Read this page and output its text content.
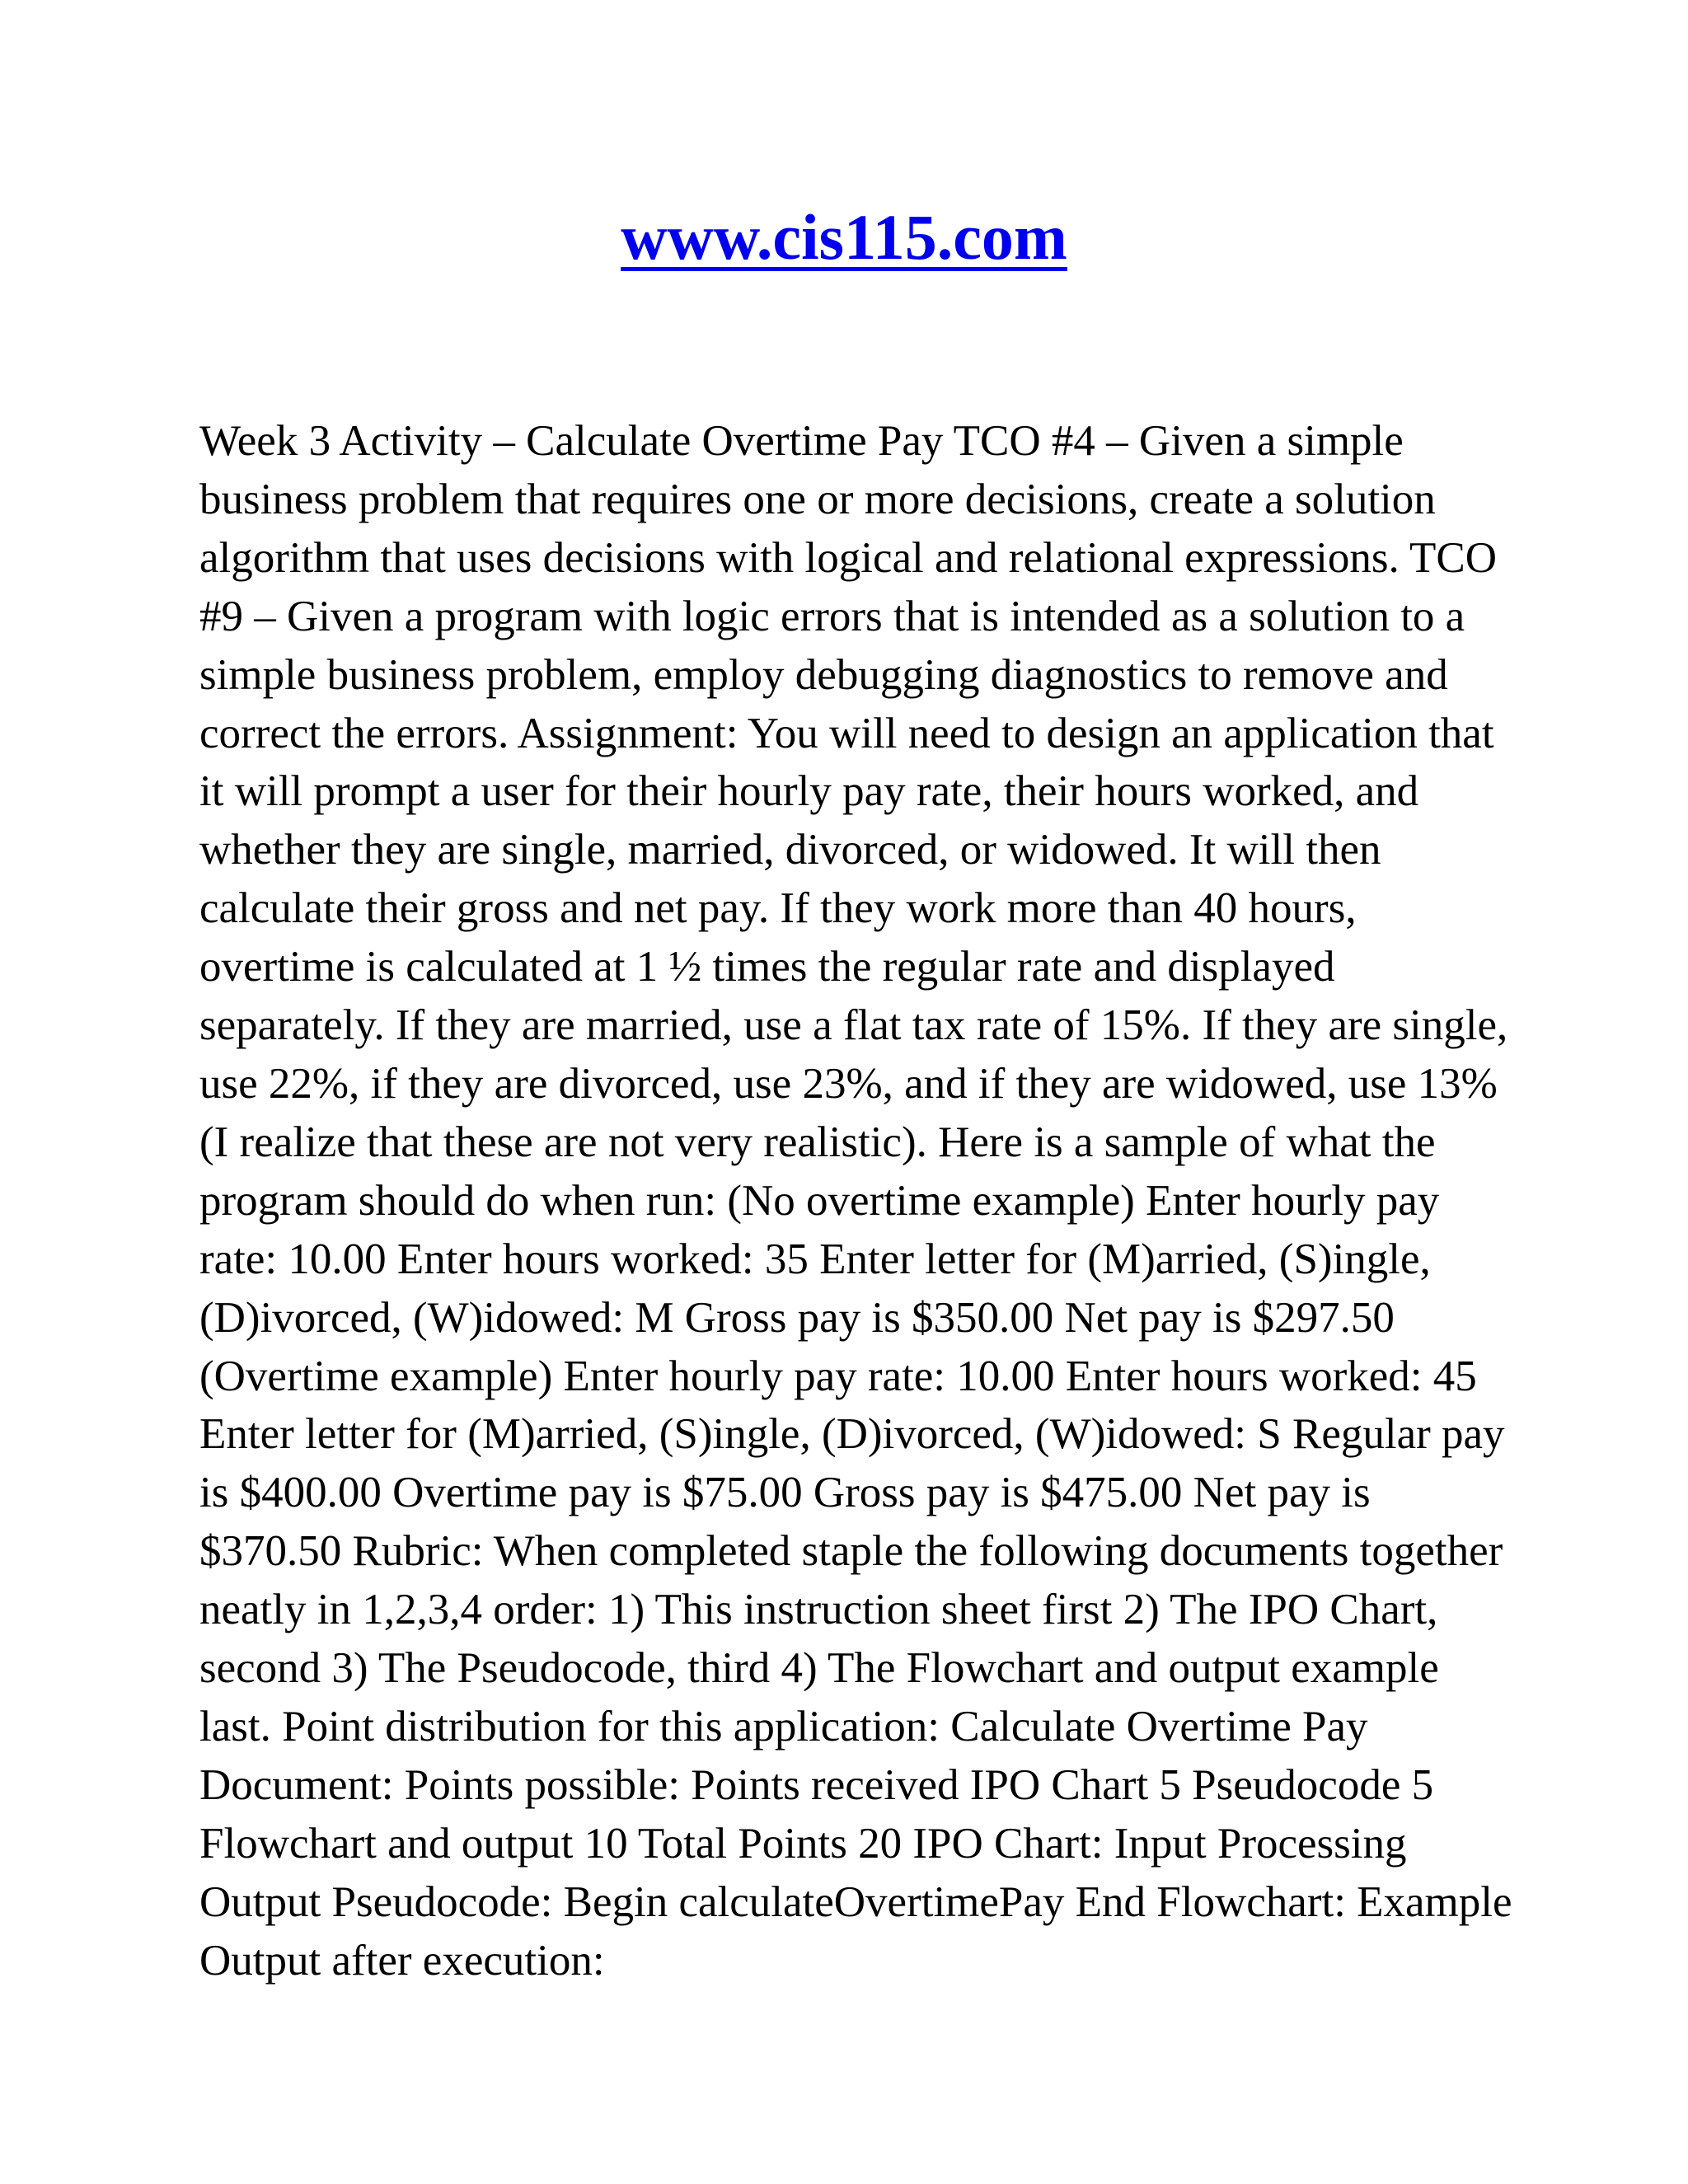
www.cis115.com

Week 3 Activity – Calculate Overtime Pay TCO #4 – Given a simple business problem that requires one or more decisions, create a solution algorithm that uses decisions with logical and relational expressions. TCO #9 – Given a program with logic errors that is intended as a solution to a simple business problem, employ debugging diagnostics to remove and correct the errors. Assignment: You will need to design an application that it will prompt a user for their hourly pay rate, their hours worked, and whether they are single, married, divorced, or widowed. It will then calculate their gross and net pay. If they work more than 40 hours, overtime is calculated at 1 ½ times the regular rate and displayed separately. If they are married, use a flat tax rate of 15%. If they are single, use 22%, if they are divorced, use 23%, and if they are widowed, use 13% (I realize that these are not very realistic). Here is a sample of what the program should do when run: (No overtime example) Enter hourly pay rate: 10.00 Enter hours worked: 35 Enter letter for (M)arried, (S)ingle, (D)ivorced, (W)idowed: M Gross pay is $350.00 Net pay is $297.50 (Overtime example) Enter hourly pay rate: 10.00 Enter hours worked: 45 Enter letter for (M)arried, (S)ingle, (D)ivorced, (W)idowed: S Regular pay is $400.00 Overtime pay is $75.00 Gross pay is $475.00 Net pay is $370.50 Rubric: When completed staple the following documents together neatly in 1,2,3,4 order: 1) This instruction sheet first 2) The IPO Chart, second 3) The Pseudocode, third 4) The Flowchart and output example last. Point distribution for this application: Calculate Overtime Pay Document: Points possible: Points received IPO Chart 5 Pseudocode 5 Flowchart and output 10 Total Points 20 IPO Chart: Input Processing Output Pseudocode: Begin calculateOvertimePay End Flowchart: Example Output after execution:
